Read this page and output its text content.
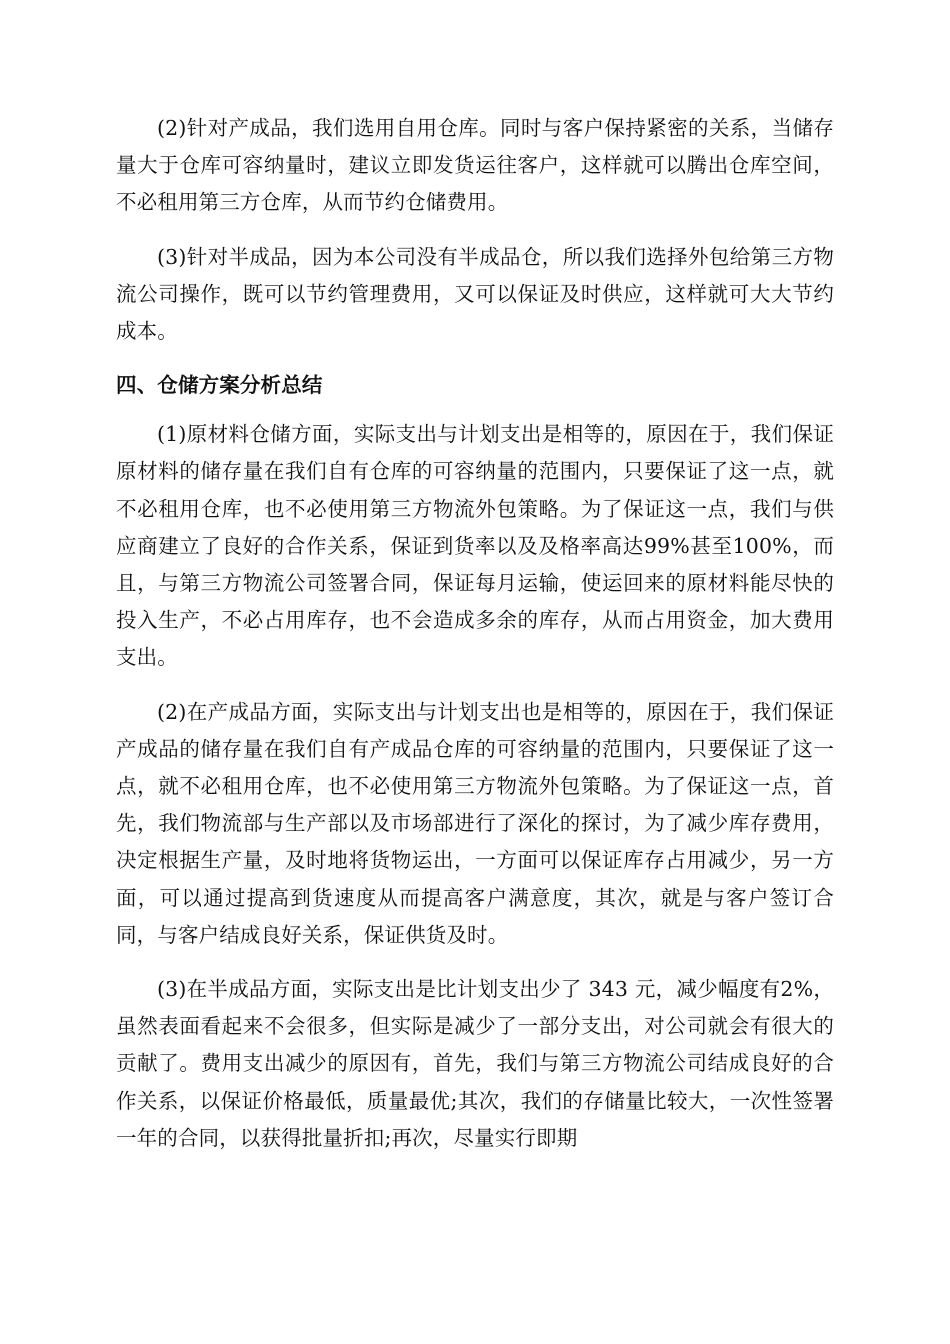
(2)针对产成品，我们选用自用仓库。同时与客户保持紧密的关系，当储存量大于仓库可容纳量时，建议立即发货运往客户，这样就可以腾出仓库空间，不必租用第三方仓库，从而节约仓储费用。

(3)针对半成品，因为本公司没有半成品仓，所以我们选择外包给第三方物流公司操作，既可以节约管理费用，又可以保证及时供应，这样就可大大节约成本。

四、仓储方案分析总结

(1)原材料仓储方面，实际支出与计划支出是相等的，原因在于，我们保证原材料的储存量在我们自有仓库的可容纳量的范围内，只要保证了这一点，就不必租用仓库，也不必使用第三方物流外包策略。为了保证这一点，我们与供应商建立了良好的合作关系，保证到货率以及及格率高达99%甚至100%，而且，与第三方物流公司签署合同，保证每月运输，使运回来的原材料能尽快的投入生产，不必占用库存，也不会造成多余的库存，从而占用资金，加大费用支出。

(2)在产成品方面，实际支出与计划支出也是相等的，原因在于，我们保证产成品的储存量在我们自有产成品仓库的可容纳量的范围内，只要保证了这一点，就不必租用仓库，也不必使用第三方物流外包策略。为了保证这一点，首先，我们物流部与生产部以及市场部进行了深化的探讨，为了减少库存费用，决定根据生产量，及时地将货物运出，一方面可以保证库存占用减少，另一方面，可以通过提高到货速度从而提高客户满意度，其次，就是与客户签订合同，与客户结成良好关系，保证供货及时。

(3)在半成品方面，实际支出是比计划支出少了 343 元，减少幅度有2%，虽然表面看起来不会很多，但实际是减少了一部分支出，对公司就会有很大的贡献了。费用支出减少的原因有，首先，我们与第三方物流公司结成良好的合作关系，以保证价格最低，质量最优;其次，我们的存储量比较大，一次性签署一年的合同，以获得批量折扣;再次，尽量实行即期
